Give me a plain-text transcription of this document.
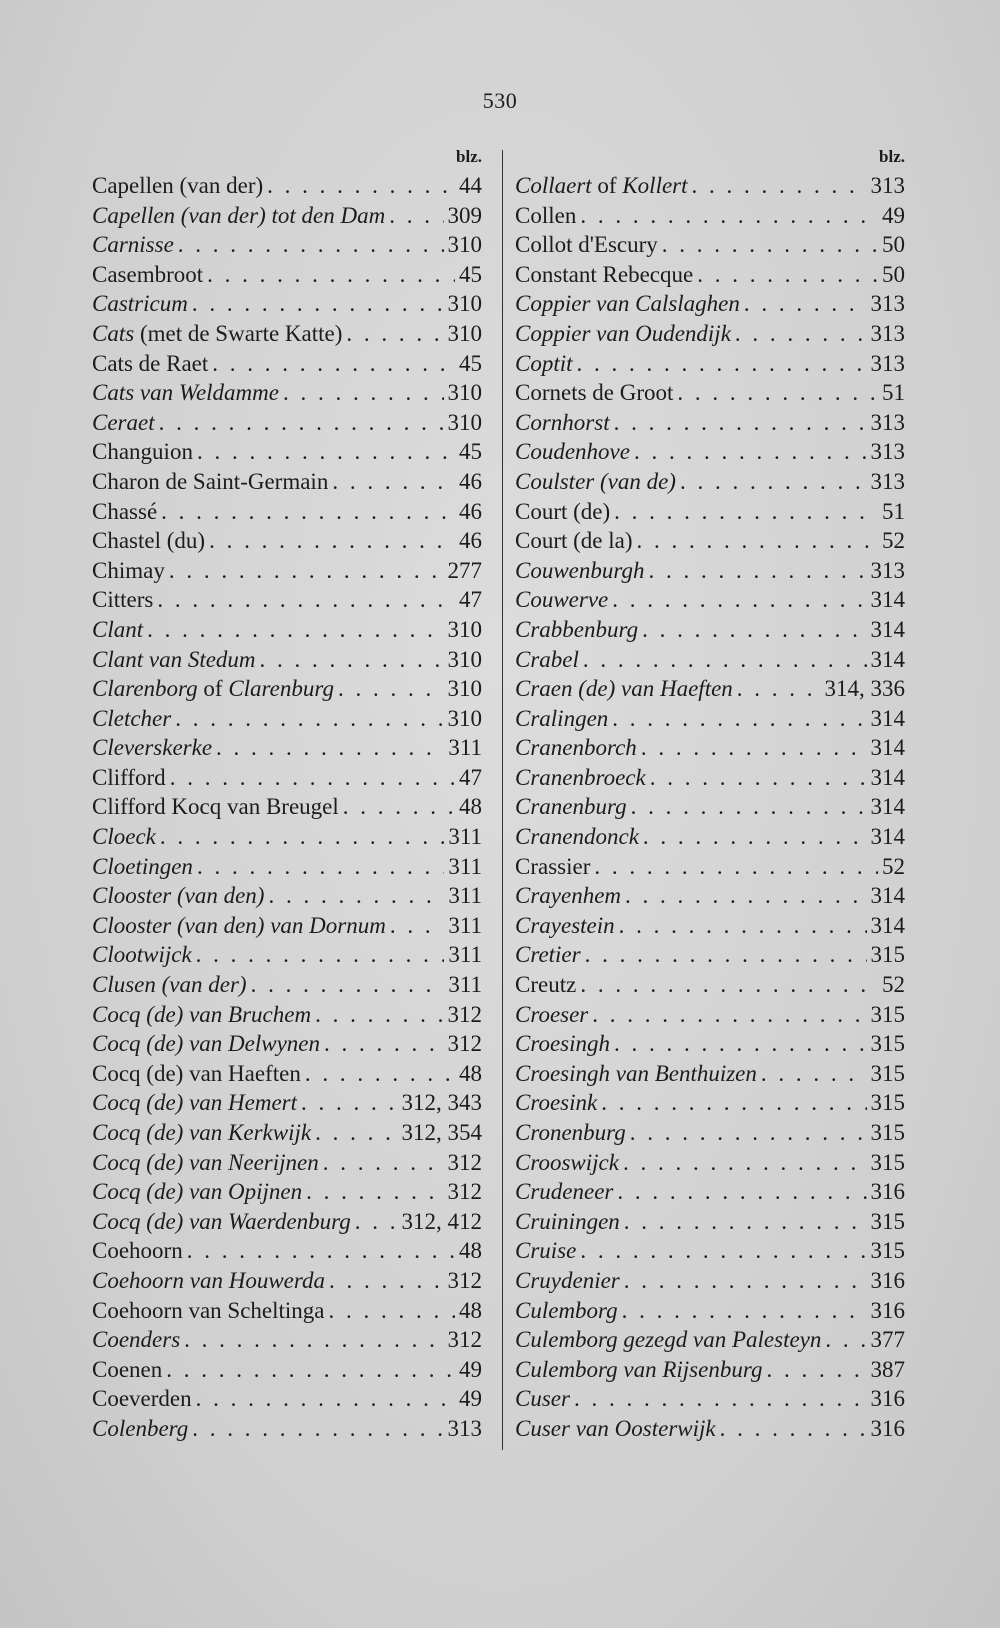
530
blz.
Capellen (van der) . . .	44
Capellen (van der) tot den Dam . . .	309
Carnisse . . .	310
Casembroot . . .	45
Castricum . . .	310
Cats (met de Swarte Katte) . . .	310
Cats de Raet . . .	45
Cats van Weldamme . . .	310
Ceraet . . .	310
Changuion . . .	45
Charon de Saint-Germain . . .	46
Chassé . . .	46
Chastel (du) . . .	46
Chimay . . .	277
Citters . . .	47
Clant . . .	310
Clant van Stedum . . .	310
Clarenborg of Clarenburg . . .	310
Cletcher . . .	310
Cleverskerke . . .	311
Clifford . . .	47
Clifford Kocq van Breugel . . .	48
Cloeck . . .	311
Cloetingen . . .	311
Clooster (van den) . . .	311
Clooster (van den) van Dornum . . .	311
Clootwijck . . .	311
Clusen (van der) . . .	311
Cocq (de) van Bruchem . . .	312
Cocq (de) van Delwynen . . .	312
Cocq (de) van Haeften . . .	48
Cocq (de) van Hemert . . .	312, 343
Cocq (de) van Kerkwijk . . .	312, 354
Cocq (de) van Neerijnen . . .	312
Cocq (de) van Opijnen . . .	312
Cocq (de) van Waerdenburg . . . 312, 412
Coehoorn . . .	48
Coehoorn van Houwerda . . .	312
Coehoorn van Scheltinga . . .	48
Coenders . . .	312
Coenen . . .	49
Coeverden . . .	49
Colenberg . . .	313
blz.
Collaert of Kollert . . .	313
Collen . . .	49
Collot d'Escury . . .	50
Constant Rebecque . . .	50
Coppier van Calslaghen . . .	313
Coppier van Oudendijk . . .	313
Coptit . . .	313
Cornets de Groot . . .	51
Cornhorst . . .	313
Coudenhove . . .	313
Coulster (van de) . . .	313
Court (de) . . .	51
Court (de la) . . .	52
Couwenburgh . . .	313
Couwerve . . .	314
Crabbenburg . . .	314
Crabel . . .	314
Craen (de) van Haeften . . .	314, 336
Cralingen . . .	314
Cranenborch . . .	314
Cranenbroeck . . .	314
Cranenburg . . .	314
Cranendonck . . .	314
Crassier . . .	52
Crayenhem . . .	314
Crayestein . . .	314
Cretier . . .	315
Creutz . . .	52
Croeser . . .	315
Croesingh . . .	315
Croesingh van Benthuizen . . .	315
Croesink . . .	315
Cronenburg . . .	315
Crooswijck . . .	315
Crudeneer . . .	316
Cruiningen . . .	315
Cruise . . .	315
Cruydenier . . .	316
Culemborg . . .	316
Culemborg gezegd van Palesteyn . . . 377
Culemborg van Rijsenburg . . .	387
Cuser . . .	316
Cuser van Oosterwijk . . .	316
